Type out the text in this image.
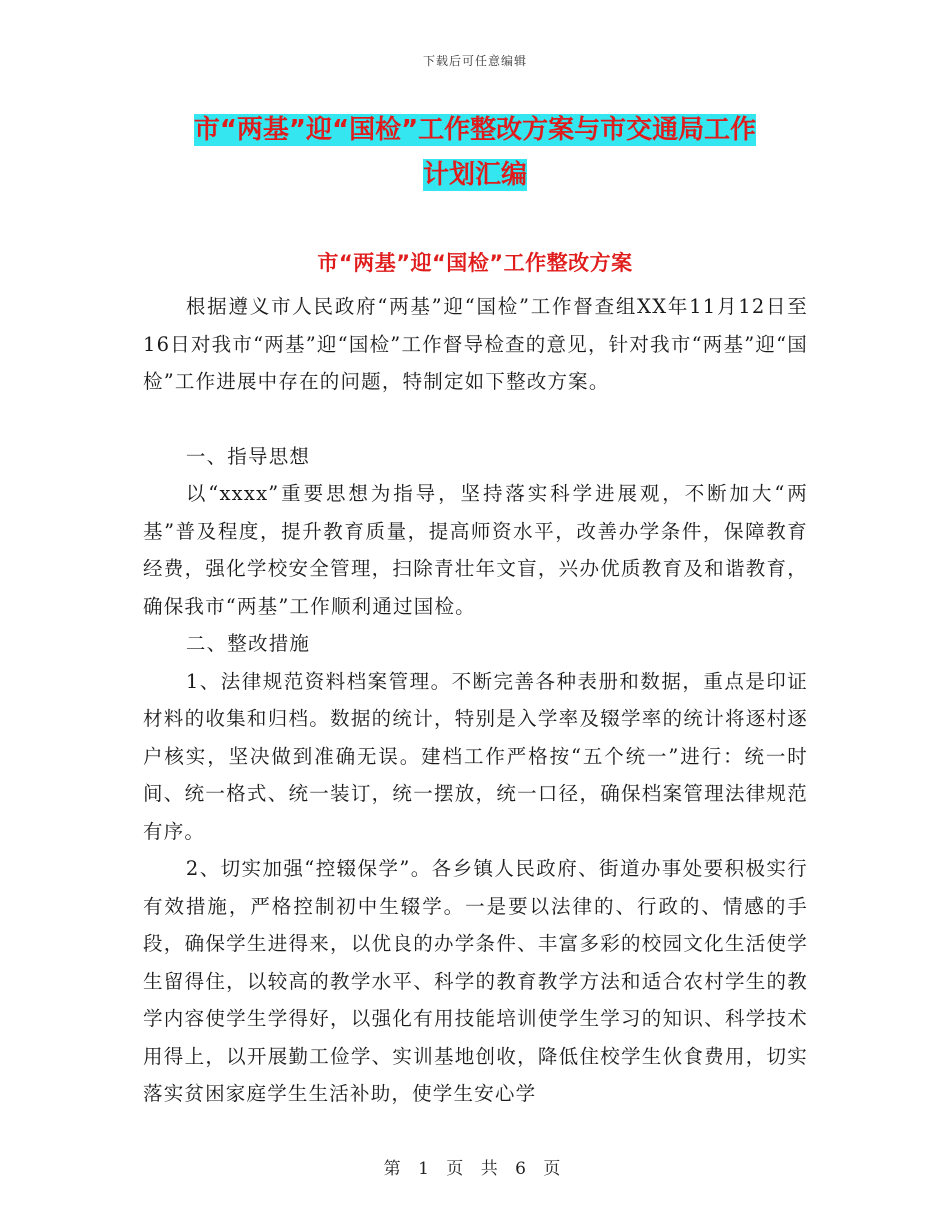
下载后可任意编辑
市“两基”迎“国检”工作整改方案与市交通局工作
计划汇编
市“两基”迎“国检”工作整改方案

根据遵义市人民政府“两基”迎“国检”工作督查组XX年11月12日至16日对我市“两基”迎“国检”工作督导检查的意见，针对我市“两基”迎“国检”工作进展中存在的问题，特制定如下整改方案。

一、指导思想

以“xxxx”重要思想为指导，坚持落实科学进展观，不断加大“两基”普及程度，提升教育质量，提高师资水平，改善办学条件，保障教育经费，强化学校安全管理，扫除青壮年文盲，兴办优质教育及和谐教育，确保我市“两基”工作顺利通过国检。

二、整改措施

1、法律规范资料档案管理。不断完善各种表册和数据，重点是印证材料的收集和归档。数据的统计，特别是入学率及辍学率的统计将逐村逐户核实，坚决做到准确无误。建档工作严格按“五个统一”进行：统一时间、统一格式、统一装订，统一摆放，统一口径，确保档案管理法律规范有序。

2、切实加强“控辍保学”。各乡镇人民政府、街道办事处要积极实行有效措施，严格控制初中生辍学。一是要以法律的、行政的、情感的手段，确保学生进得来，以优良的办学条件、丰富多彩的校园文化生活使学生留得住，以较高的教学水平、科学的教育教学方法和适合农村学生的教学内容使学生学得好，以强化有用技能培训使学生学习的知识、科学技术用得上，以开展勤工俭学、实训基地创收，降低住校学生伙食费用，切实落实贫困家庭学生生活补助，使学生安心学

第 1 页 共 6 页
